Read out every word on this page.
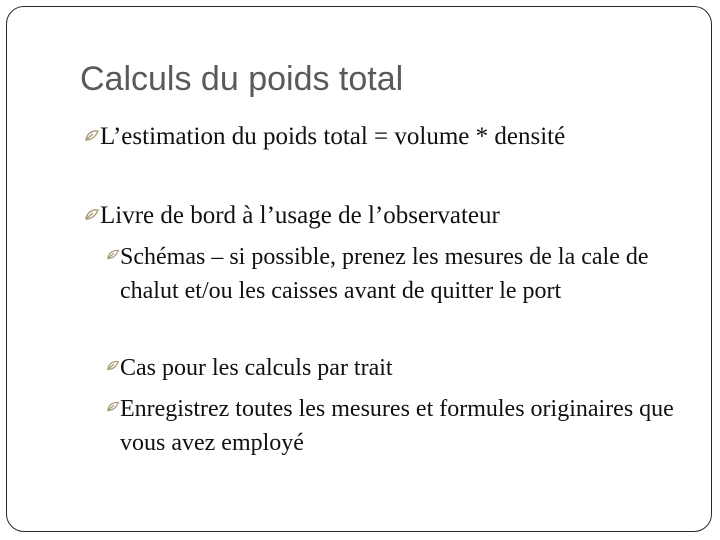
Calculs du poids total

L’estimation du poids total = volume * densité

Livre de bord à l’usage de l’observateur

Schémas – si possible, prenez les mesures de la cale de chalut et/ou les caisses avant de quitter le port

Cas pour les calculs par trait

Enregistrez toutes les mesures et formules originaires que vous avez employé
